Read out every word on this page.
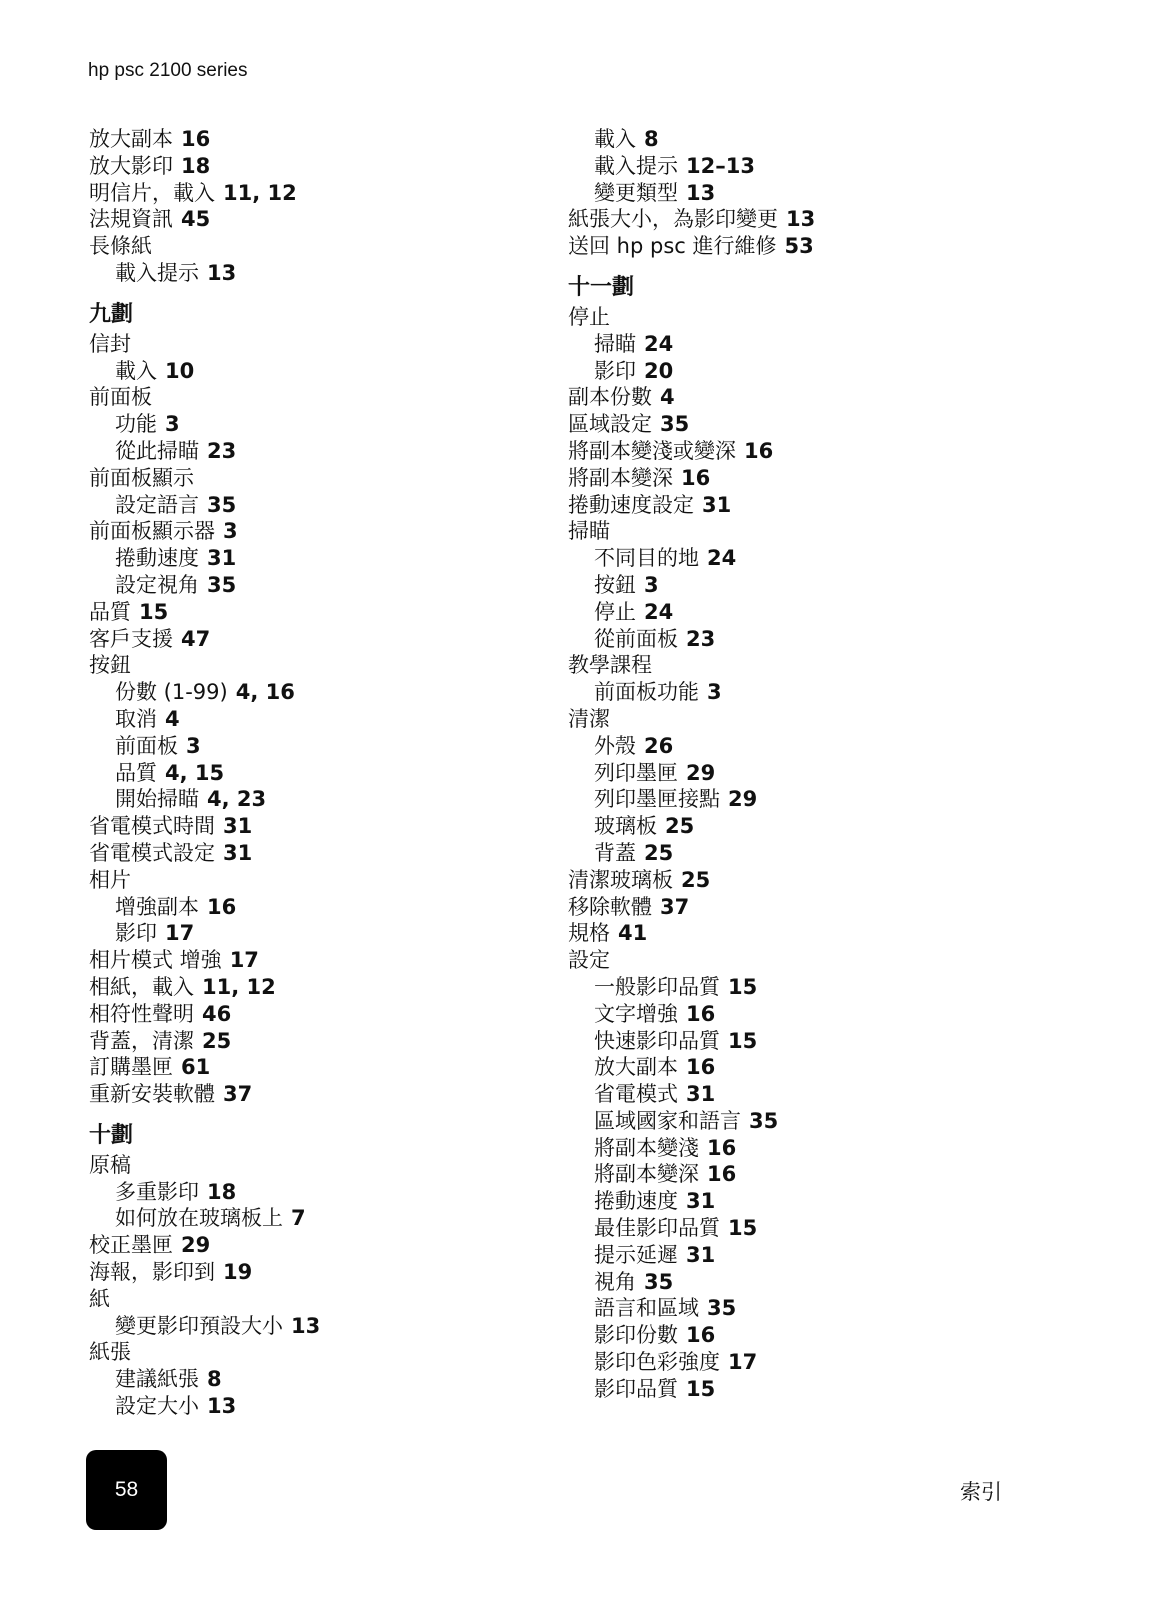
hp psc 2100 series
放大副本 16
放大影印 18
明信片，載入 11, 12
法規資訊 45
長條紙
載入提示 13
九劃
信封
載入 10
前面板
功能 3
從此掃瞄 23
前面板顯示
設定語言 35
前面板顯示器 3
捲動速度 31
設定視角 35
品質 15
客戶支援 47
按鈕
份數 (1-99) 4, 16
取消 4
前面板 3
品質 4, 15
開始掃瞄 4, 23
省電模式時間 31
省電模式設定 31
相片
增強副本 16
影印 17
相片模式 增強 17
相紙，載入 11, 12
相符性聲明 46
背蓋，清潔 25
訂購墨匣 61
重新安裝軟體 37
十劃
原稿
多重影印 18
如何放在玻璃板上 7
校正墨匣 29
海報，影印到 19
紙
變更影印預設大小 13
紙張
建議紙張 8
設定大小 13
載入 8
載入提示 12–13
變更類型 13
紙張大小，為影印變更 13
送回 hp psc 進行維修 53
十一劃
停止
掃瞄 24
影印 20
副本份數 4
區域設定 35
將副本變淺或變深 16
將副本變深 16
捲動速度設定 31
掃瞄
不同目的地 24
按鈕 3
停止 24
從前面板 23
教學課程
前面板功能 3
清潔
外殼 26
列印墨匣 29
列印墨匣接點 29
玻璃板 25
背蓋 25
清潔玻璃板 25
移除軟體 37
規格 41
設定
一般影印品質 15
文字增強 16
快速影印品質 15
放大副本 16
省電模式 31
區域國家和語言 35
將副本變淺 16
將副本變深 16
捲動速度 31
最佳影印品質 15
提示延遲 31
視角 35
語言和區域 35
影印份數 16
影印色彩強度 17
影印品質 15
58	索引
